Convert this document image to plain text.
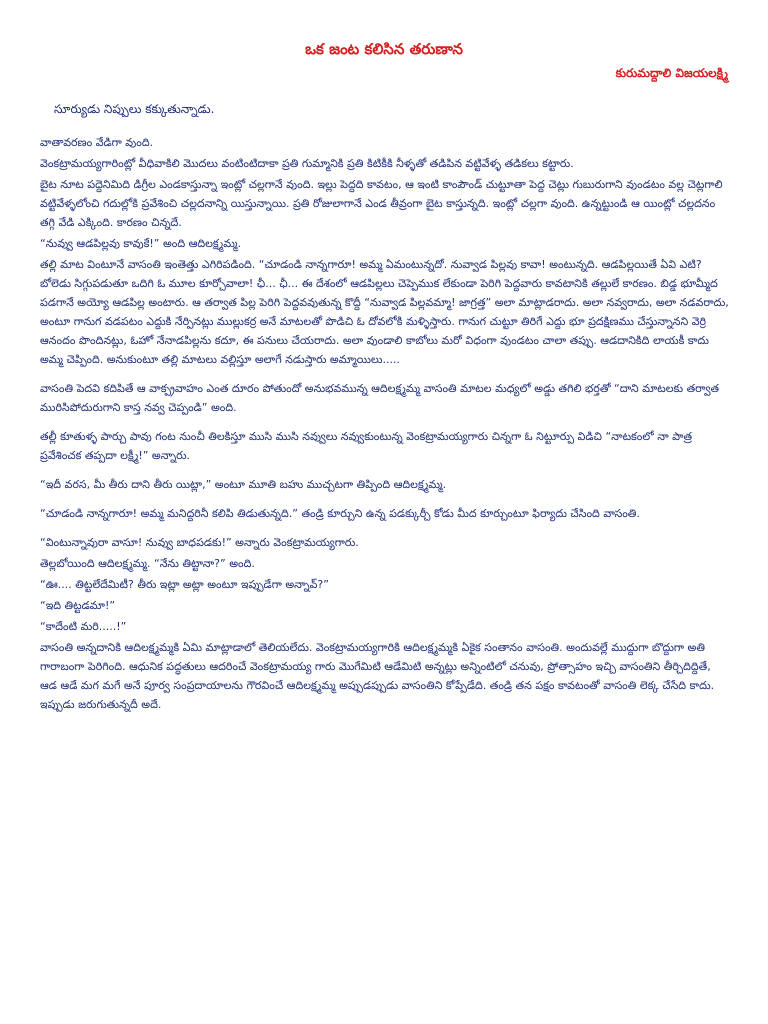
ఒక జంట కలిసిన తరుణాన
కురుమద్దాలి విజయలక్ష్మి

సూర్యుడు నిప్పులు కక్కుతున్నాడు.

వాతావరణం వేడిగా వుంది.

వెంకట్రామయ్యగారింట్లో వీధివాకిలి మొదలు వంటింటిదాకా ప్రతి గుమ్మానికి ప్రతి కిటికీకి నీళ్ళతో తడిపిన వట్టివేళ్ళ తడికలు కట్టారు.

బైట నూట పద్దెనిమిది డిగ్రీల ఎండకాస్తున్నా ఇంట్లో చల్లగానే వుంది. ఇల్లు పెద్దది కావటం, ఆ ఇంటి కాంపౌండ్ చుట్టూతా పెద్ద చెట్లు గుబురుగాని వుండటం వల్ల చెట్లగాలి వట్టివేళ్ళలోంచి గదుల్లోకి ప్రవేశించి చల్లదనాన్ని యిస్తున్నాయి. ప్రతి రోజులాగానే ఎండ తీవ్రంగా బైట కాస్తున్నది. ఇంట్లో చల్లగా వుంది. ఉన్నట్టుండి ఆ యింట్లో చల్లదనం తగ్గి వేడి ఎక్కింది. కారణం చిన్నదే.

“నువ్వు ఆడపిల్లవు కావుకే!” అంది ఆదిలక్ష్మమ్మ.

తల్లి మాట వింటూనే వాసంతి ఇంతెత్తు ఎగిరిపడింది. “చూడండి నాన్నగారూ! అమ్మ ఏమంటున్నదో. నువ్వాడ పిల్లవు కావా! అంటున్నది. ఆడపిల్లయితే ఏవి ఎటి? బోలెడు సిగ్గుపడుతూ ఒదిగి ఓ మూల కూర్చోవాలా! ఛీ... ఛీ... ఈ దేశంలో ఆడపిల్లలు చెప్పెముక లేకుండా పెరిగి పెద్దవారు కావటానికి తల్లులే కారణం. బిడ్డ భూమ్మీద పడగానే అయ్యో ఆడపిల్ల అంటారు. ఆ తర్వాత పిల్ల పెరిగి పెద్దవవుతున్న కొద్దీ “నువ్వాడ పిల్లవమ్మా! జాగ్రత్త” అలా మాట్లాడరాదు. అలా నవ్వరాదు, అలా నడవరాదు, అంటూ గానుగ వడపటం ఎద్దుకి నేర్పినట్లు ముల్లుకర్ర అనే మాటలతో పొడిచి ఓ దోవలోకి మళ్ళిస్తారు. గానుగ చుట్టూ తిరిగే ఎద్దు భూ ప్రదక్షిణము చేస్తున్నానని వెర్రి ఆనందం పొందినట్లు, ఓహో నేనాడపిల్లను కదూ, ఈ పనులు చేయరాదు. అలా వుండాలి కాబోలు మరో విధంగా వుండటం చాలా తప్పు. ఆడదానికిది లాయకీ కాదు అమ్మ చెప్పింది. అనుకుంటూ తల్లి మాటలు వల్లిస్తూ అలాగే నడుస్తారు అమ్మాయిలు.....

వాసంతి పెదవి కదిపితే ఆ వాక్ప్రవాహం ఎంత దూరం పోతుందో అనుభవమున్న ఆదిలక్ష్మమ్మ వాసంతి మాటల మధ్యలో అడ్డు తగిలి భర్తతో “దాని మాటలకు తర్వాత మురిసిపోదురుగాని కాస్త నవ్వ చెప్పండి” అంది.

తల్లీ కూతుళ్ళ పార్చు పావు గంట నుంచీ తిలకిస్తూ ముసి ముసి నవ్వులు నవ్వుకుంటున్న వెంకట్రామయ్యగారు చిన్నగా ఓ నిట్టూర్పు విడిచి “నాటకంలో నా పాత్ర ప్రవేశించక తప్పదా లక్ష్మీ!” అన్నారు.

“ఇదీ వరస, మీ తీరు దాని తీరు యిట్లా,” అంటూ మూతి బహు ముచ్చటగా తిప్పింది ఆదిలక్ష్మమ్మ.

“చూడండి నాన్నగారూ! అమ్మ మనిద్దరినీ కలిపి తిడుతున్నది.” తండ్రి కూర్చుని ఉన్న పడక్కుర్చీ కోడు మీద కూర్చుంటూ ఫిర్యాదు చేసింది వాసంతి.

“వింటున్నావురా వాసూ! నువ్వు బాధపడకు!” అన్నారు వెంకట్రామయ్యగారు.

తెల్లబోయింది ఆదిలక్ష్మమ్మ. “నేను తిట్టానా?” అంది.

“ఊ.... తిట్టలేదేమిటీ? తీరు ఇట్లా అట్లా అంటూ ఇప్పుడేగా అన్నావ్?”

“ఇది తిట్టడమా!”

“కాదేంటి మరి.....!”

వాసంతి అన్నదానికి ఆదిలక్ష్మమ్మకి ఏమి మాట్లాడాలో తెలియలేదు. వెంకట్రామయ్యగారికి ఆదిలక్ష్మమ్మకి ఏకైక సంతానం వాసంతి. అందువల్లే ముద్దుగా బొద్దుగా అతి గారాబంగా పెరిగింది. ఆధునిక పద్ధతులు ఆదరించే వెంకట్రామయ్య గారు మొగేమిటి ఆడేమిటి అన్నట్లు అన్నింటిలో చనువు, ప్రోత్సాహం ఇచ్చి వాసంతిని తీర్చిదిద్దితే, ఆడ ఆడే మగ మగే అనే పూర్వ సంప్రదాయాలను గౌరవించే ఆదిలక్ష్మమ్మ అప్పుడప్పుడు వాసంతిని కోప్పేడేది. తండ్రి తన పక్షం కావటంతో వాసంతి లెక్క చేసేది కాదు. ఇప్పుడు జరుగుతున్నదీ అదే.
